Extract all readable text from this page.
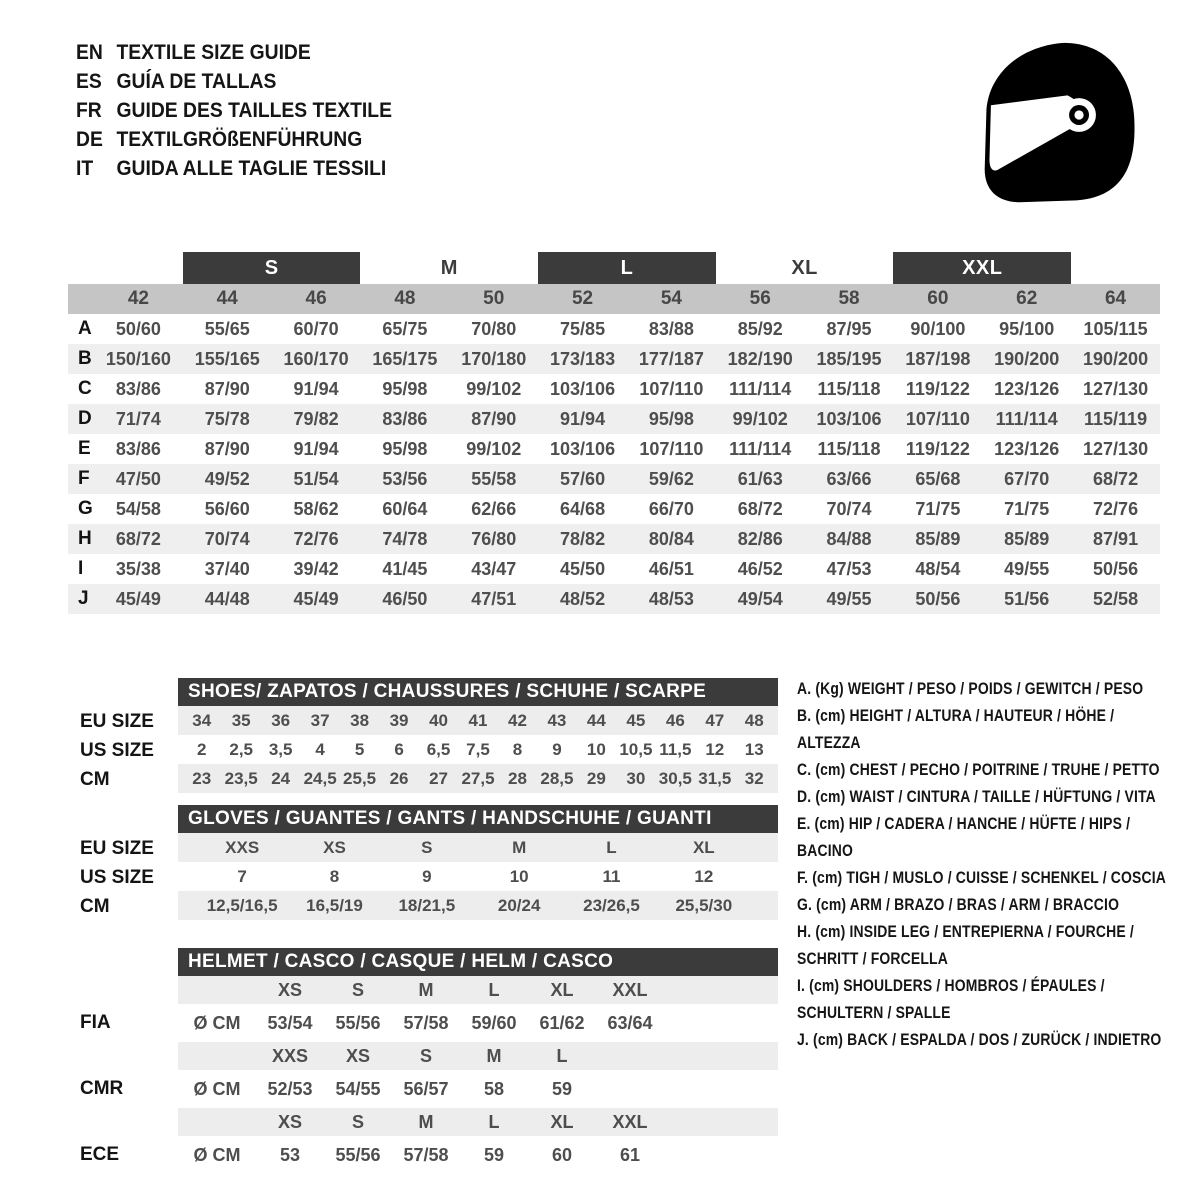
EN TEXTILE SIZE GUIDE
ES GUÍA DE TALLAS
FR GUIDE DES TAILLES TEXTILE
DE TEXTILGRÖßENFÜHRUNG
IT	GUIDA ALLE TAGLIE TESSILI
		S		M		L		XL		XXL		
	42	44	46	48	50	52	54	56	58	60	62	64
A	50/60	55/65	60/70	65/75	70/80	75/85	83/88	85/92	87/95	90/100	95/100	105/115
B	150/160	155/165	160/170	165/175	170/180	173/183	177/187	182/190	185/195	187/198	190/200	190/200
C	83/86	87/90	91/94	95/98	99/102	103/106	107/110	111/114	115/118	119/122	123/126	127/130
D	71/74	75/78	79/82	83/86	87/90	91/94	95/98	99/102	103/106	107/110	111/114	115/119
E	83/86	87/90	91/94	95/98	99/102	103/106	107/110	111/114	115/118	119/122	123/126	127/130
F	47/50	49/52	51/54	53/56	55/58	57/60	59/62	61/63	63/66	65/68	67/70	68/72
G	54/58	56/60	58/62	60/64	62/66	64/68	66/70	68/72	70/74	71/75	71/75	72/76
H	68/72	70/74	72/76	74/78	76/80	78/82	80/84	82/86	84/88	85/89	85/89	87/91
I	35/38	37/40	39/42	41/45	43/47	45/50	46/51	46/52	47/53	48/54	49/55	50/56
J	45/49	44/48	45/49	46/50	47/51	48/52	48/53	49/54	49/55	50/56	51/56	52/58
EU SIZE
US SIZE
CM
SHOES/ ZAPATOS / CHAUSSURES / SCHUHE / SCARPE
34	35	36	37	38	39	40	41	42	43	44	45	46	47	48
2	2,5 3,5	4	5	6	6,5 7,5	8	9	10 10,5 11,5 12	13
23 23,5 24 24,5 25,5 26	27 27,5 28 28,5 29	30 30,5 31,5 32
EU SIZE
US SIZE
CM
GLOVES / GUANTES / GANTS / HANDSCHUHE / GUANTI
XXS	XS	S	M	L	XL
7	8	9	10	11	12
12,5/16,5	16,5/19	18/21,5	20/24	23/26,5	25,5/30
FIA
CMR
ECE
HELMET / CASCO / CASQUE / HELM / CASCO
XS	S	M	L	XL	XXL
Ø CM	53/54	55/56	57/58	59/60	61/62	63/64
XXS	XS	S	M	L
Ø CM	52/53	54/55	56/57	58	59
XS	S	M	L	XL	XXL
Ø CM	53	55/56	57/58	59	60	61
A. (Kg) WEIGHT / PESO / POIDS / GEWITCH / PESO
B. (cm) HEIGHT / ALTURA / HAUTEUR / HÖHE / ALTEZZA
C. (cm) CHEST / PECHO / POITRINE / TRUHE / PETTO
D. (cm) WAIST / CINTURA / TAILLE / HÜFTUNG / VITA
E. (cm) HIP / CADERA / HANCHE / HÜFTE / HIPS / BACINO
F. (cm) TIGH / MUSLO / CUISSE / SCHENKEL / COSCIA
G. (cm) ARM / BRAZO / BRAS / ARM / BRACCIO
H. (cm) INSIDE LEG / ENTREPIERNA / FOURCHE / SCHRITT / FORCELLA
I. (cm) SHOULDERS / HOMBROS / ÉPAULES / SCHULTERN / SPALLE
J. (cm) BACK / ESPALDA / DOS / ZURÜCK / INDIETRO
